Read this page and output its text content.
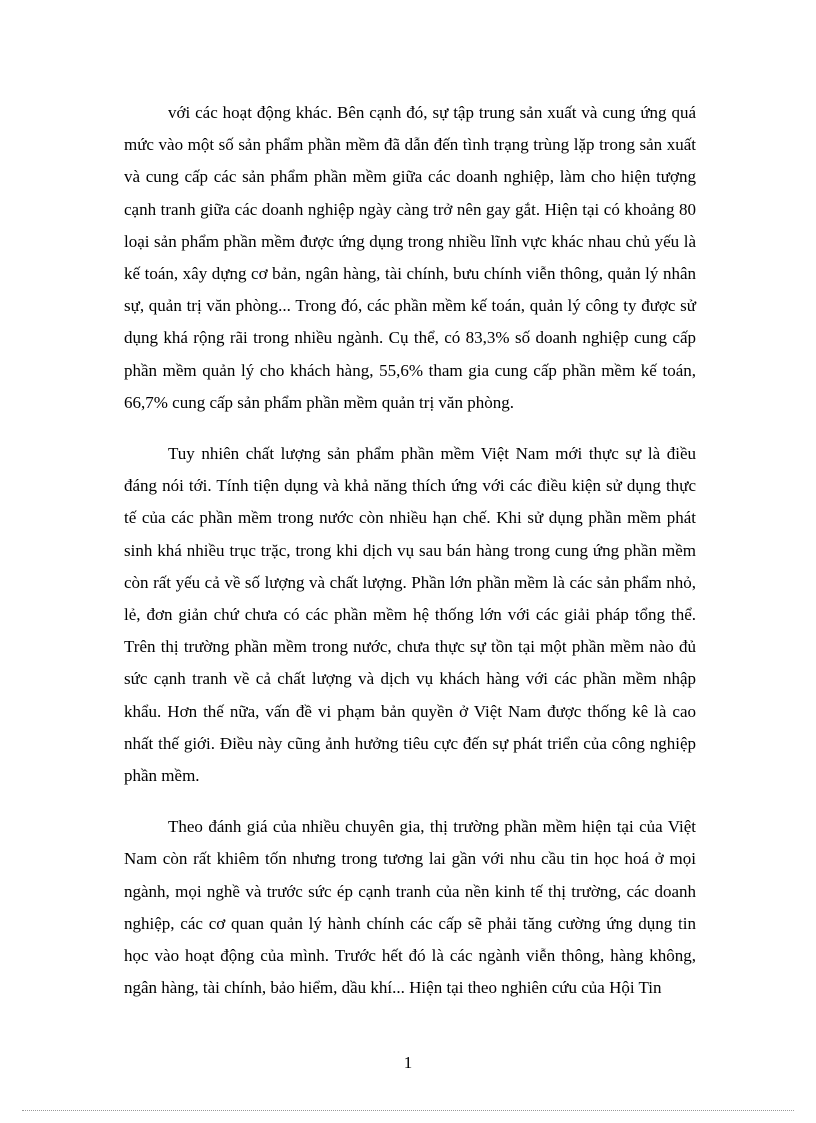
với các hoạt động khác. Bên cạnh đó, sự tập trung sản xuất và cung ứng quá mức vào một số sản phẩm phần mềm đã dẫn đến tình trạng trùng lặp trong sản xuất và cung cấp các sản phẩm phần mềm giữa các doanh nghiệp, làm cho hiện tượng cạnh tranh giữa các doanh nghiệp ngày càng trở nên gay gắt. Hiện tại có khoảng 80 loại sản phẩm phần mềm được ứng dụng trong nhiều lĩnh vực khác nhau chủ yếu là kế toán, xây dựng cơ bản, ngân hàng, tài chính, bưu chính viễn thông, quản lý nhân sự, quản trị văn phòng... Trong đó, các phần mềm kế toán, quản lý công ty được sử dụng khá rộng rãi trong nhiều ngành. Cụ thể, có 83,3% số doanh nghiệp cung cấp phần mềm quản lý cho khách hàng, 55,6% tham gia cung cấp phần mềm kế toán, 66,7% cung cấp sản phẩm phần mềm quản trị văn phòng.

Tuy nhiên chất lượng sản phẩm phần mềm Việt Nam mới thực sự là điều đáng nói tới. Tính tiện dụng và khả năng thích ứng với các điều kiện sử dụng thực tế của các phần mềm trong nước còn nhiều hạn chế. Khi sử dụng phần mềm phát sinh khá nhiều trục trặc, trong khi dịch vụ sau bán hàng trong cung ứng phần mềm còn rất yếu cả về số lượng và chất lượng. Phần lớn phần mềm là các sản phẩm nhỏ, lẻ, đơn giản chứ chưa có các phần mềm hệ thống lớn với các giải pháp tổng thể. Trên thị trường phần mềm trong nước, chưa thực sự tồn tại một phần mềm nào đủ sức cạnh tranh về cả chất lượng và dịch vụ khách hàng với các phần mềm nhập khẩu. Hơn thế nữa, vấn đề vi phạm bản quyền ở Việt Nam được thống kê là cao nhất thế giới. Điều này cũng ảnh hưởng tiêu cực đến sự phát triển của công nghiệp phần mềm.

Theo đánh giá của nhiều chuyên gia, thị trường phần mềm hiện tại của Việt Nam còn rất khiêm tốn nhưng trong tương lai gần với nhu cầu tin học hoá ở mọi ngành, mọi nghề và trước sức ép cạnh tranh của nền kinh tế thị trường, các doanh nghiệp, các cơ quan quản lý hành chính các cấp sẽ phải tăng cường ứng dụng tin học vào hoạt động của mình. Trước hết đó là các ngành viễn thông, hàng không, ngân hàng, tài chính, bảo hiểm, dầu khí... Hiện tại theo nghiên cứu của Hội Tin

1
